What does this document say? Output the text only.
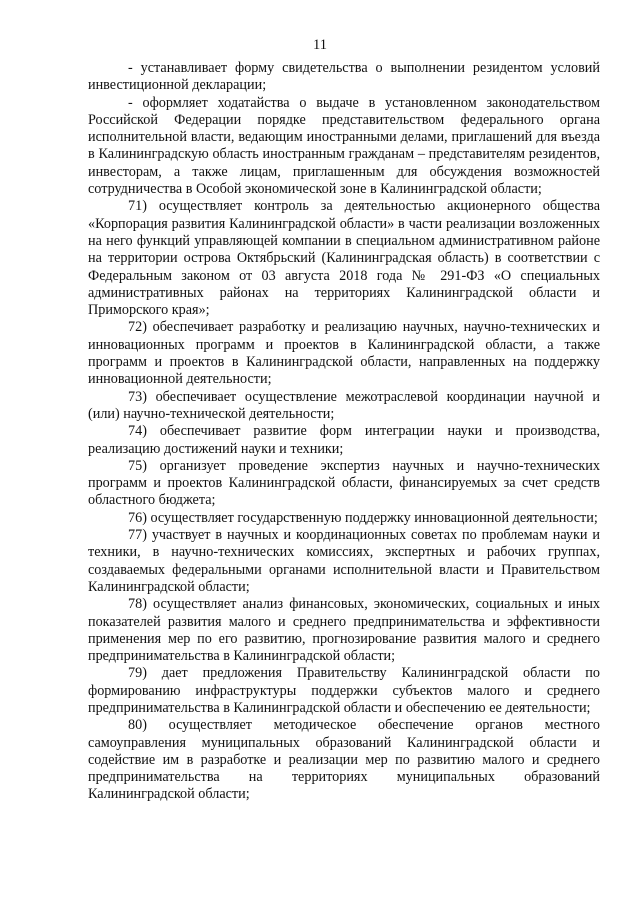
11

- устанавливает форму свидетельства о выполнении резидентом условий инвестиционной декларации;

- оформляет ходатайства о выдаче в установленном законодательством Российской Федерации порядке представительством федерального органа исполнительной власти, ведающим иностранными делами, приглашений для въезда в Калининградскую область иностранным гражданам – представителям резидентов, инвесторам, а также лицам, приглашенным для обсуждения возможностей сотрудничества в Особой экономической зоне в Калининградской области;

71) осуществляет контроль за деятельностью акционерного общества «Корпорация развития Калининградской области» в части реализации возложенных на него функций управляющей компании в специальном административном районе на территории острова Октябрьский (Калининградская область) в соответствии с Федеральным законом от 03 августа 2018 года № 291-ФЗ «О специальных административных районах на территориях Калининградской области и Приморского края»;

72) обеспечивает разработку и реализацию научных, научно-технических и инновационных программ и проектов в Калининградской области, а также программ и проектов в Калининградской области, направленных на поддержку инновационной деятельности;

73) обеспечивает осуществление межотраслевой координации научной и (или) научно-технической деятельности;

74) обеспечивает развитие форм интеграции науки и производства, реализацию достижений науки и техники;

75) организует проведение экспертиз научных и научно-технических программ и проектов Калининградской области, финансируемых за счет средств областного бюджета;

76) осуществляет государственную поддержку инновационной деятельности;

77) участвует в научных и координационных советах по проблемам науки и техники, в научно-технических комиссиях, экспертных и рабочих группах, создаваемых федеральными органами исполнительной власти и Правительством Калининградской области;

78) осуществляет анализ финансовых, экономических, социальных и иных показателей развития малого и среднего предпринимательства и эффективности применения мер по его развитию, прогнозирование развития малого и среднего предпринимательства в Калининградской области;

79) дает предложения Правительству Калининградской области по формированию инфраструктуры поддержки субъектов малого и среднего предпринимательства в Калининградской области и обеспечению ее деятельности;

80) осуществляет методическое обеспечение органов местного самоуправления муниципальных образований Калининградской области и содействие им в разработке и реализации мер по развитию малого и среднего предпринимательства на территориях муниципальных образований Калининградской области;
